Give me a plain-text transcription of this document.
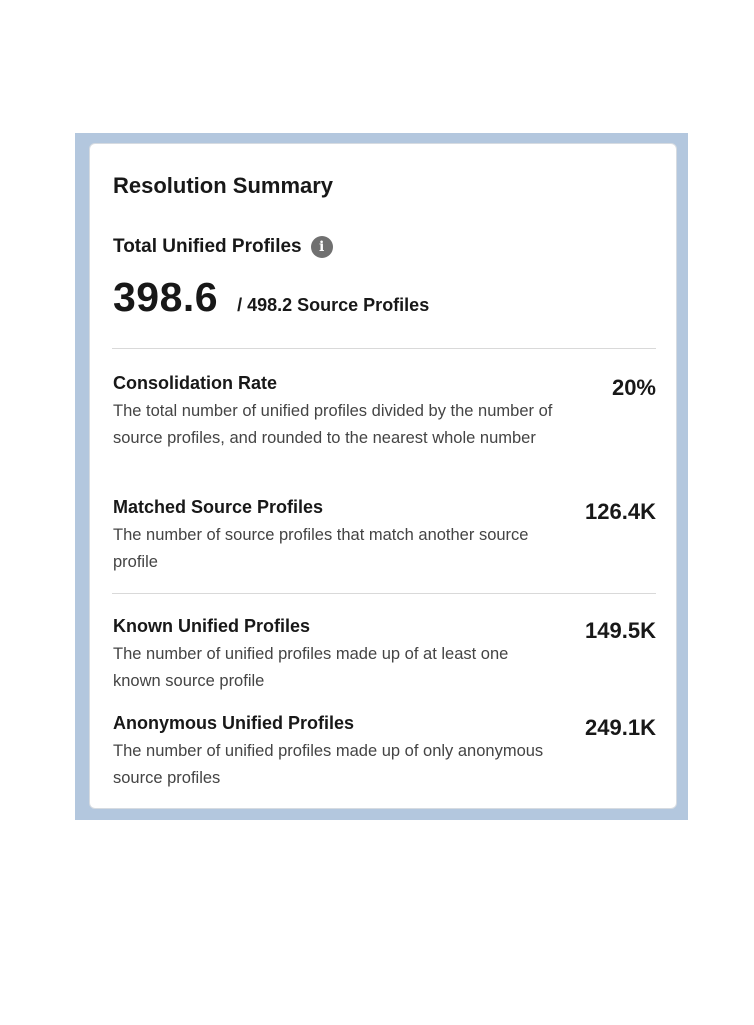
Resolution Summary
Total Unified Profiles	i
398.6 / 498.2 Source Profiles
Consolidation Rate
The total number of unified profiles divided by the number of source profiles, and rounded to the nearest whole number
20%
Matched Source Profiles
The number of source profiles that match another source profile
126.4K
Known Unified Profiles
The number of unified profiles made up of at least one known source profile
149.5K
Anonymous Unified Profiles
The number of unified profiles made up of only anonymous source profiles
249.1K
